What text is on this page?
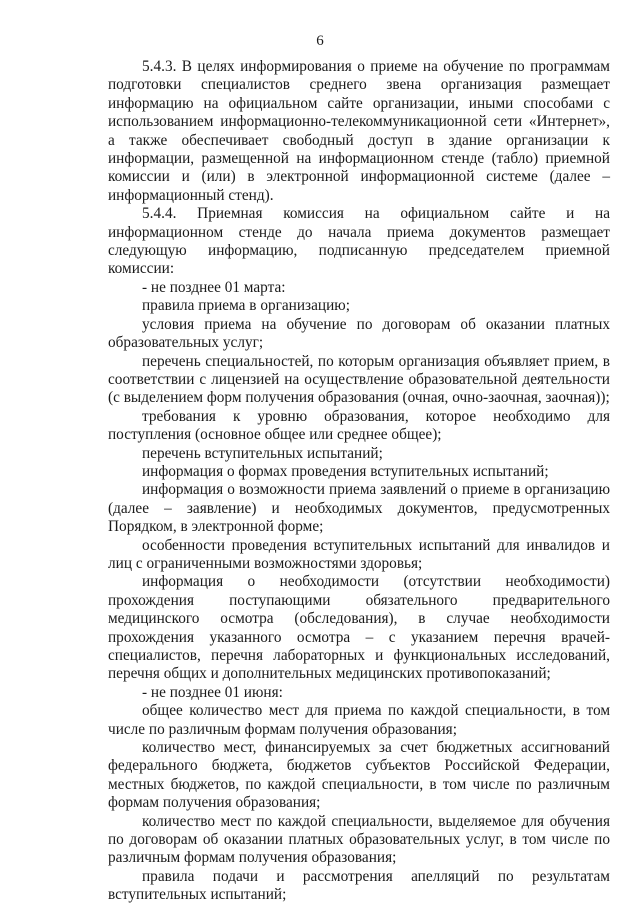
6

5.4.3. В целях информирования о приеме на обучение по программам подготовки специалистов среднего звена организация размещает информацию на официальном сайте организации, иными способами с использованием информационно-телекоммуникационной сети «Интернет», а также обеспечивает свободный доступ в здание организации к информации, размещенной на информационном стенде (табло) приемной комиссии и (или) в электронной информационной системе (далее – информационный стенд).

5.4.4. Приемная комиссия на официальном сайте и на информационном стенде до начала приема документов размещает следующую информацию, подписанную председателем приемной комиссии:

- не позднее 01 марта:

правила приема в организацию;

условия приема на обучение по договорам об оказании платных образовательных услуг;

перечень специальностей, по которым организация объявляет прием, в соответствии с лицензией на осуществление образовательной деятельности (с выделением форм получения образования (очная, очно-заочная, заочная));

требования к уровню образования, которое необходимо для поступления (основное общее или среднее общее);

перечень вступительных испытаний;

информация о формах проведения вступительных испытаний;

информация о возможности приема заявлений о приеме в организацию (далее – заявление) и необходимых документов, предусмотренных Порядком, в электронной форме;

особенности проведения вступительных испытаний для инвалидов и лиц с ограниченными возможностями здоровья;

информация о необходимости (отсутствии необходимости) прохождения поступающими обязательного предварительного медицинского осмотра (обследования), в случае необходимости прохождения указанного осмотра – с указанием перечня врачей-специалистов, перечня лабораторных и функциональных исследований, перечня общих и дополнительных медицинских противопоказаний;

- не позднее 01 июня:

общее количество мест для приема по каждой специальности, в том числе по различным формам получения образования;

количество мест, финансируемых за счет бюджетных ассигнований федерального бюджета, бюджетов субъектов Российской Федерации, местных бюджетов, по каждой специальности, в том числе по различным формам получения образования;

количество мест по каждой специальности, выделяемое для обучения по договорам об оказании платных образовательных услуг, в том числе по различным формам получения образования;

правила подачи и рассмотрения апелляций по результатам вступительных испытаний;
